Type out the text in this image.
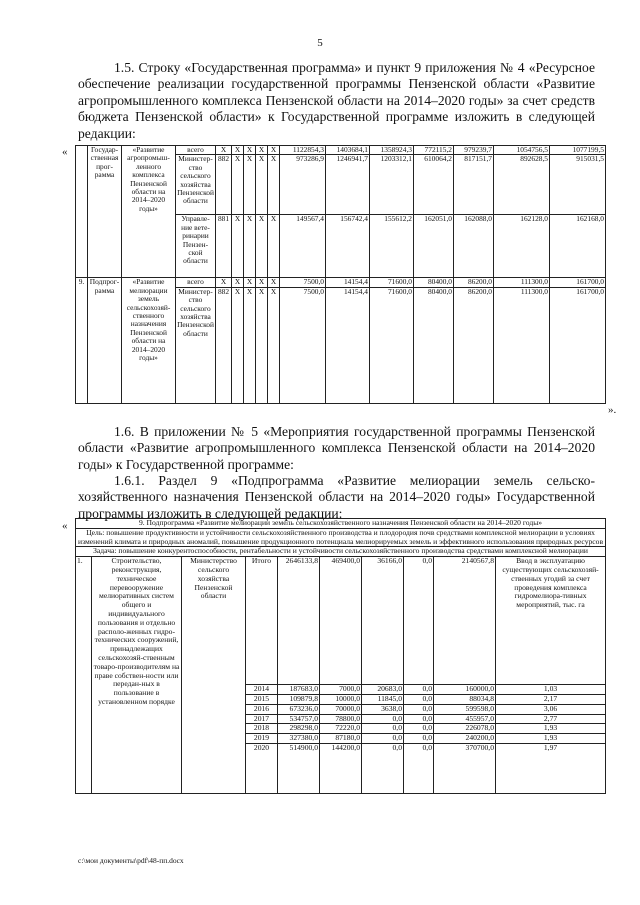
5
1.5. Строку «Государственная программа» и пункт 9 приложения № 4 «Ресурсное обеспечение реализации государственной программы Пензенской области «Развитие агропромышленного комплекса Пензенской области на 2014–2020 годы» за счет средств бюджета Пензенской области» к Государственной программе изложить в следующей редакции:
«
		Государ-ственная прог-рамма	«Развитие агропромыш-ленного комплекса Пензенской области на 2014–2020 годы»	всего	Х	Х	Х	Х	Х	1122854,3	1403684,1	1358924,3	772115,2	979239,7	1054756,5	1077199,5
			Министер-ство сельского хозяйства Пензенской области	882	Х	Х	Х	Х	973286,9	1246941,7	1203312,1	610064,2	817151,7	892628,5	915031,5
			Управле-ние вете-ринарии Пензен-ской области	881	Х	Х	Х	Х	149567,4	156742,4	155612,2	162051,0	162088,0	162128,0	162168,0
9.	Подпрог-рамма	«Развитие мелиорации земель сельскохозяй-ственного назначения Пензенской области на 2014–2020 годы»	всего	Х	Х	Х	Х	Х	7500,0	14154,4	71600,0	80400,0	86200,0	111300,0	161700,0
			Министер-ство сельского хозяйства Пензенской области	882	Х	Х	Х	Х	7500,0	14154,4	71600,0	80400,0	86200,0	111300,0	161700,0
».
1.6. В приложении № 5 «Мероприятия государственной программы Пензенской области «Развитие агропромышленного комплекса Пензенской области на 2014–2020 годы» к Государственной программе:
1.6.1. Раздел 9 «Подпрограмма «Развитие мелиорации земель сельско-хозяйственного назначения Пензенской области на 2014–2020 годы» Государственной программы изложить в следующей редакции:
«	9. Подпрограмма «Развитие мелиорации земель сельскохозяйственного назначения Пензенской области на 2014–2020 годы»									
Цель: повышение продуктивности и устойчивости сельскохозяйственного производства и плодородия почв средствами комплексной мелиорации в условиях изменений климата и природных аномалий, повышение продукционного потенциала мелиорируемых земель и эффективного использования природных ресурсов									
Задача: повышение конкурентоспособности, рентабельности и устойчивости сельскохозяйственного производства средствами комплексной мелиорации									
1.	Строительство, реконструкция, техническое перевооружение мелиоративных систем общего и индивидуального пользования и отдельно располо-женных гидро-технических сооружений, принадлежащих сельскохозяй-ственным товаро-производителям на праве собствен-ности или передан-ных в пользование в установленном порядке	Министерство сельского хозяйства Пензенской области	Итого	2646133,8	469400,0	36166,0	0,0	2140567,8	Ввод в эксплуатацию существующих сельскохозяй-ственных угодий за счет проведения комплекса гидромелиора-тивных мероприятий, тыс. га
			2014	187683,0	7000,0	20683,0	0,0	160000,0	1,03
			2015	109879,8	10000,0	11845,0	0,0	88034,8	2,17
			2016	673236,0	70000,0	3638,0	0,0	599598,0	3,06
			2017	534757,0	78800,0	0,0	0,0	455957,0	2,77
			2018	298298,0	72220,0	0,0	0,0	226078,0	1,93
			2019	327380,0	87180,0	0,0	0,0	240200,0	1,93
			2020	514900,0	144200,0	0,0	0,0	370700,0	1,97
c:\мои документы\pdf\48-пп.docx
